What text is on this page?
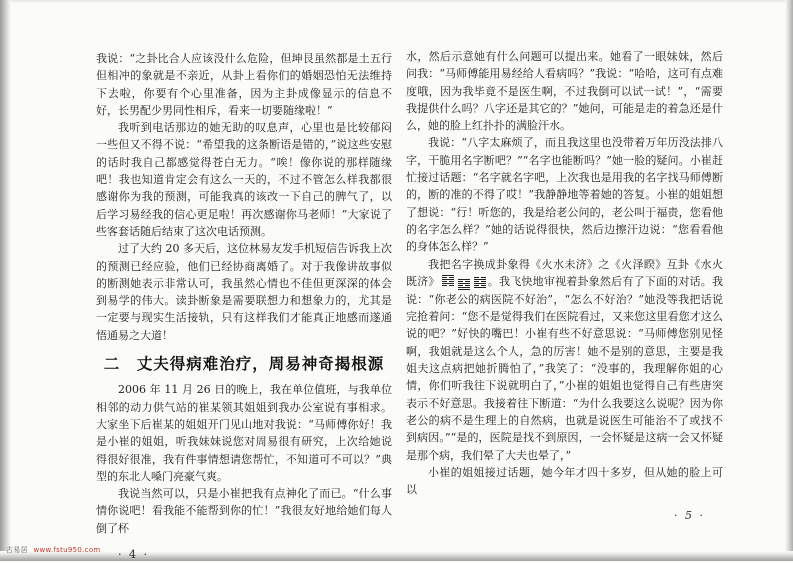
我说：“之卦比合人应该没什么危险，但坤艮虽然都是土五行但相冲的象就是不亲近，从卦上看你们的婚姻恐怕无法维持下去啦，你要有个心里准备，因为主卦成像显示的信息不好，长男配少男同性相斥，看来一切要随缘啦！”

我听到电话那边的她无助的叹息声，心里也是比较郁闷一些但又不得不说：“希望我的这条断语是错的，”说这些安慰的话时我自己都感觉得苍白无力。“唉！像你说的那样随缘吧！我也知道肯定会有这么一天的，不过不管怎么样我都很感谢你为我的预测，可能我真的该改一下自己的脾气了，以后学习易经我的信心更足啦！再次感谢你马老师！”大家说了些客套话随后结束了这次电话预测。

过了大约 20 多天后，这位林易友发手机短信告诉我上次的预测已经应验，他们已经协商离婚了。对于我像讲故事似的断测她表示非常认可，我虽然心情也不佳但更深深的体会到易学的伟大。读卦断象是需要联想力和想象力的，尤其是一定要与现实生活接轨，只有这样我们才能真正地感而遂通悟通易之大道！

二　丈夫得病难治疗，周易神奇揭根源

2006 年 11 月 26 日的晚上，我在单位值班，与我单位相邻的动力供气站的崔某领其姐姐到我办公室说有事相求。大家坐下后崔某的姐姐开门见山地对我说：“马师傅你好！我是小崔的姐姐，听我妹妹说您对周易很有研究，上次给她说得很好很准，我有件事情想请您帮忙，不知道可不可以？”典型的东北人嗓门亮豪气爽。

我说当然可以，只是小崔把我有点神化了而已。“什么事情你说吧！看我能不能帮到你的忙！”我很友好地给她们每人倒了杯

· 4 ·

水，然后示意她有什么问题可以提出来。她看了一眼妹妹，然后问我：“马师傅能用易经给人看病吗？”我说：“哈哈，这可有点难度哦，因为我毕竟不是医生啊，不过我倒可以试一试！”，“需要我提供什么吗？八字还是其它的？”她问，可能是走的着急还是什么，她的脸上红扑扑的满脸汗水。

我说：“八字太麻烦了，而且我这里也没带着万年历没法排八字，干脆用名字断吧？”“名字也能断吗？”她一脸的疑问。小崔赶忙接过话题：“名字就名字吧，上次我也是用我的名字找马师傅断的，断的准的不得了哎！”我静静地等着她的答复。小崔的姐姐想了想说：“行！听您的，我是给老公问的，老公叫于福贵，您看他的名字怎么样？”她的话说得很快，然后边擦汗边说：“您看看他的身体怎么样？”

我把名字换成卦象得《火水未济》之《火泽睽》互卦《水火既济》	。我飞快地审视着卦象然后有了下面的对话。我说：“你老公的病医院不好治”，“怎么不好治？”她没等我把话说完抢着问：“您不是觉得我们在医院看过，又来您这里看您才这么说的吧？”好快的嘴巴！小崔有些不好意思说：“马师傅您别见怪啊，我姐就是这么个人，急的厉害！她不是别的意思，主要是我姐夫这点病把她折腾怕了，”我笑了：“没事的，我理解你姐的心情，你们听我往下说就明白了，”小崔的姐姐也觉得自己有些唐突表示不好意思。我接着往下断道：“为什么我要这么说呢？因为你老公的病不是生理上的自然病，也就是说医生可能治不了或找不到病因。”“是的，医院是找不到原因，一会怀疑是这病一会又怀疑是那个病，我们晕了大夫也晕了，”

小崔的姐姐接过话题，她今年才四十多岁，但从她的脸上可以

· 5 ·
古易居 www.fstu950.com
